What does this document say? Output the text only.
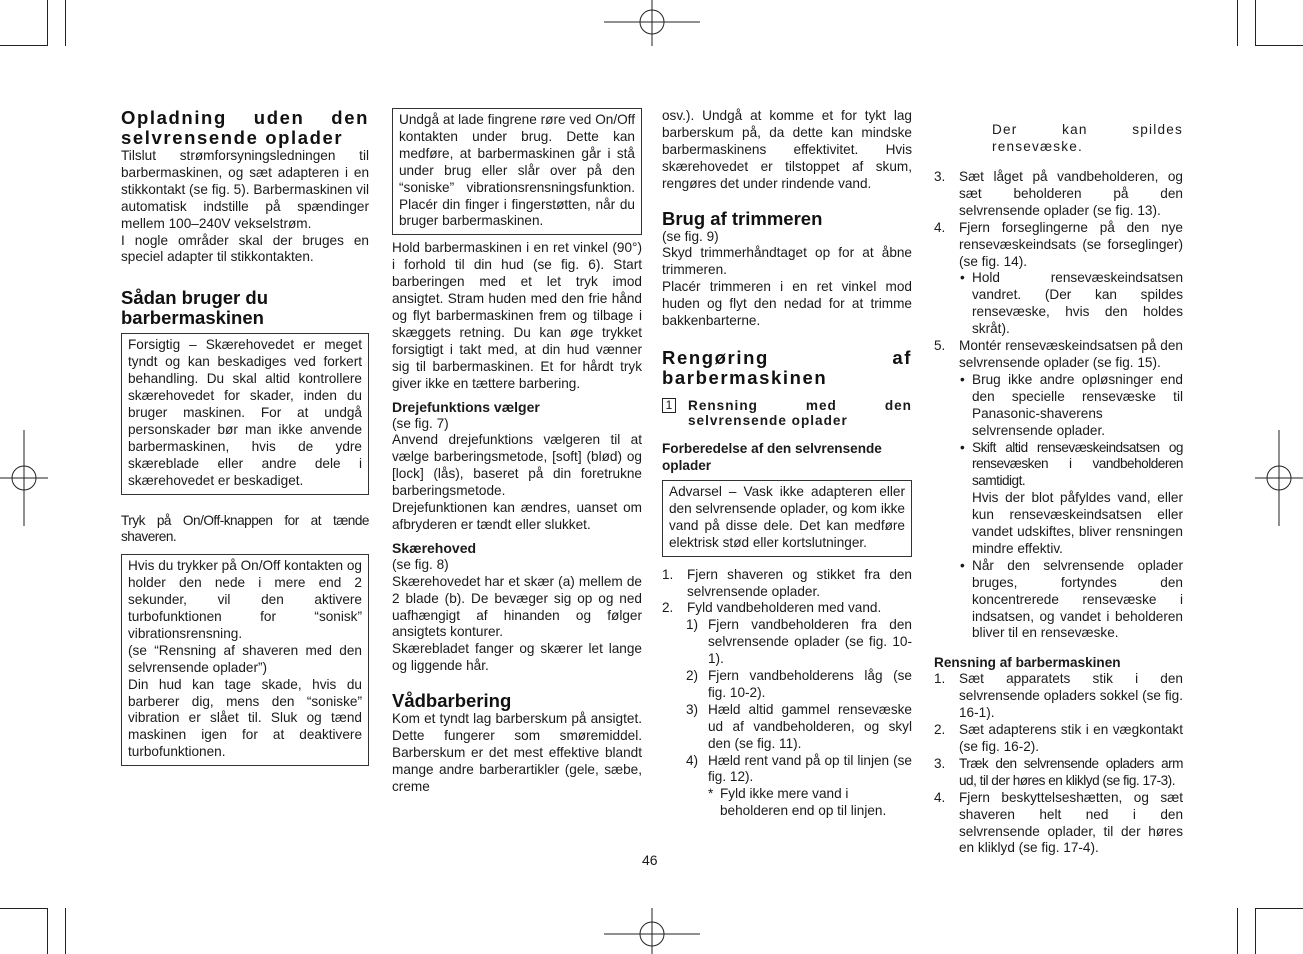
Opladning uden den selvrensende oplader

Tilslut strømforsyningsledningen til barbermaskinen, og sæt adapteren i en stikkontakt (se fig. 5). Barbermaskinen vil automatisk indstille på spændinger mellem 100–240V vekselstrøm.

I nogle områder skal der bruges en speciel adapter til stikkontakten.

Sådan bruger du barbermaskinen
Forsigtig – Skærehovedet er meget tyndt og kan beskadiges ved forkert behandling. Du skal altid kontrollere skærehovedet for skader, inden du bruger maskinen. For at undgå personskader bør man ikke anvende barbermaskinen, hvis de ydre skæreblade eller andre dele i skærehovedet er beskadiget.

Tryk på On/Off-knappen for at tænde shaveren.

Hvis du trykker på On/Off kontakten og holder den nede i mere end 2 sekunder, vil den aktivere turbofunktionen for “sonisk” vibrationsrensning.

(se “Rensning af shaveren med den selvrensende oplader”)

Din hud kan tage skade, hvis du barberer dig, mens den “soniske” vibration er slået til. Sluk og tænd maskinen igen for at deaktivere turbofunktionen.

Undgå at lade fingrene røre ved On/Off kontakten under brug. Dette kan medføre, at barbermaskinen går i stå under brug eller slår over på den “soniske” vibrationsrensningsfunktion. Placér din finger i fingerstøtten, når du bruger barbermaskinen.

Hold barbermaskinen i en ret vinkel (90°) i forhold til din hud (se fig. 6). Start barberingen med et let tryk imod ansigtet. Stram huden med den frie hånd og flyt barbermaskinen frem og tilbage i skæggets retning. Du kan øge trykket forsigtigt i takt med, at din hud vænner sig til barbermaskinen. Et for hårdt tryk giver ikke en tættere barbering.

Drejefunktions vælger

(se fig. 7)

Anvend drejefunktions vælgeren til at vælge barberingsmetode, [soft] (blød) og [lock] (lås), baseret på din foretrukne barberingsmetode.

Drejefunktionen kan ændres, uanset om afbryderen er tændt eller slukket.

Skærehoved

(se fig. 8)

Skærehovedet har et skær (a) mellem de 2 blade (b). De bevæger sig op og ned uafhængigt af hinanden og følger ansigtets konturer.

Skærebladet fanger og skærer let lange og liggende hår.

Vådbarbering

Kom et tyndt lag barberskum på ansigtet. Dette fungerer som smøremiddel. Barberskum er det mest effektive blandt mange andre barberartikler (gele, sæbe, creme

osv.). Undgå at komme et for tykt lag barberskum på, da dette kan mindske barbermaskinens effektivitet. Hvis skærehovedet er tilstoppet af skum, rengøres det under rindende vand.

Brug af trimmeren

(se fig. 9)

Skyd trimmerhåndtaget op for at åbne trimmeren.

Placér trimmeren i en ret vinkel mod huden og flyt den nedad for at trimme bakkenbarterne.

Rengøring af barbermaskinen
1 Rensning med den selvrensende oplader
Forberedelse af den selvrensende oplader
Advarsel – Vask ikke adapteren eller den selvrensende oplader, og kom ikke vand på disse dele. Det kan medføre elektrisk stød eller kortslutninger.
1.	Fjern shaveren og stikket fra den selvrensende oplader.
2.	Fyld vandbeholderen med vand.
1) Fjern vandbeholderen fra den selvrensende oplader (se fig. 10-1).
2) Fjern vandbeholderens låg (se fig. 10-2).
3) Hæld altid gammel rensevæske ud af vandbeholderen, og skyl den (se fig. 11).
4) Hæld rent vand på op til linjen (se fig. 12).
* Fyld ikke mere vand i beholderen end op til linjen.

Der kan spildes rensevæske.

3.	Sæt låget på vandbeholderen, og sæt beholderen på den selvrensende oplader (se fig. 13).
4.	Fjern forseglingerne på den nye rensevæskeindsats (se forseglinger) (se fig. 14).
• Hold rensevæskeindsatsen vandret. (Der kan spildes rensevæske, hvis den holdes skråt).
5.	Montér rensevæskeindsatsen på den selvrensende oplader (se fig. 15).
• Brug ikke andre opløsninger end den specielle rensevæske til Panasonic-shaverens selvrensende oplader.
• Skift altid rensevæskeindsatsen og rensevæsken i vandbeholderen samtidigt.
Hvis der blot påfyldes vand, eller kun rensevæskeindsatsen eller vandet udskiftes, bliver rensningen mindre effektiv.
• Når den selvrensende oplader bruges, fortyndes den koncentrerede rensevæske i indsatsen, og vandet i beholderen bliver til en rensevæske.
Rensning af barbermaskinen
1.	Sæt apparatets stik i den selvrensende opladers sokkel (se fig. 16-1).
2.	Sæt adapterens stik i en vægkontakt (se fig. 16-2).
3.	Træk den selvrensende opladers arm ud, til der høres en kliklyd (se fig. 17-3).
4.	Fjern beskyttelseshætten, og sæt shaveren helt ned i den selvrensende oplader, til der høres en kliklyd (se fig. 17-4).
46
